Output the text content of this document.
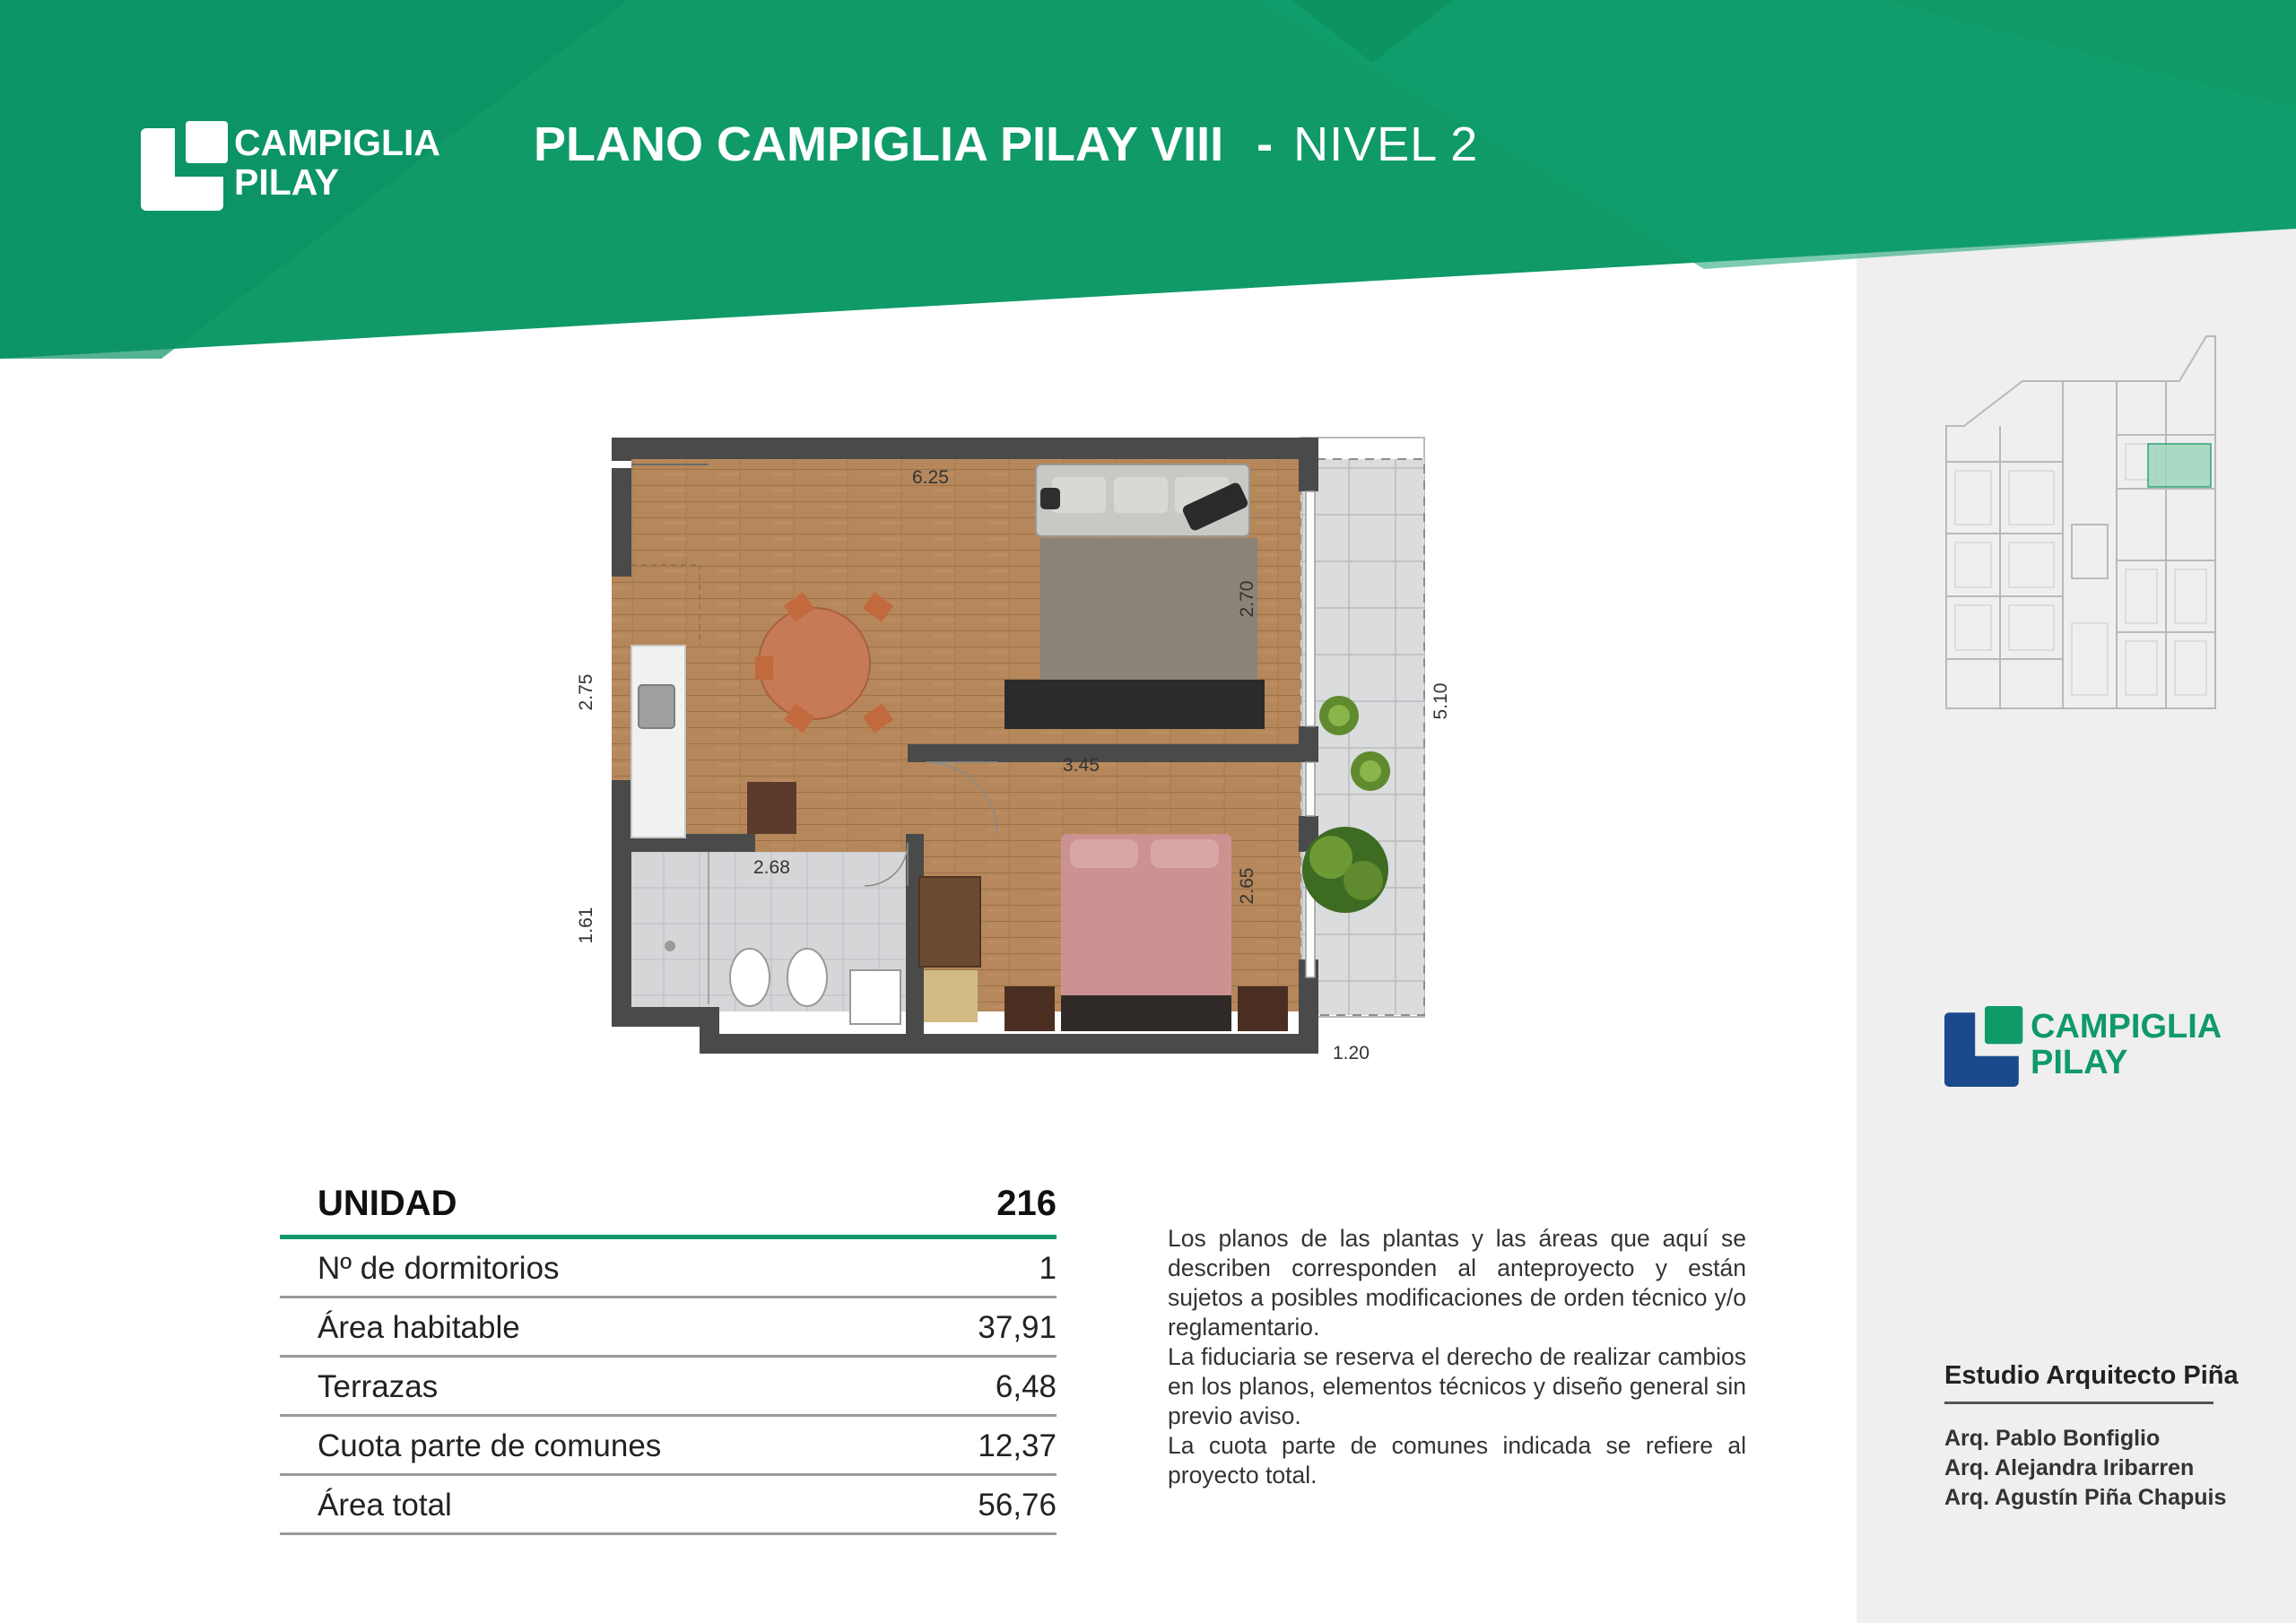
CAMPIGLIA
PILAY
PLANO CAMPIGLIA PILAY VIII - NIVEL 2
6.25
3.45
2.68
1.20
2.75
1.61
2.70
2.65
5.10
UNIDAD	216
Nº de dormitorios	1
Área habitable	37,91
Terrazas	6,48
Cuota parte de comunes	12,37
Área total	56,76

Los planos de las plantas y las áreas que aquí se describen corresponden al anteproyecto y están sujetos a posibles modificaciones de orden técnico y/o reglamentario.

La fiduciaria se reserva el derecho de realizar cambios en los planos, elementos técnicos y diseño general sin previo aviso.

La cuota parte de comunes indicada se refiere al proyecto total.

CAMPIGLIA
PILAY
Estudio Arquitecto Piña
Arq. Pablo Bonfiglio
Arq. Alejandra Iribarren
Arq. Agustín Piña Chapuis
